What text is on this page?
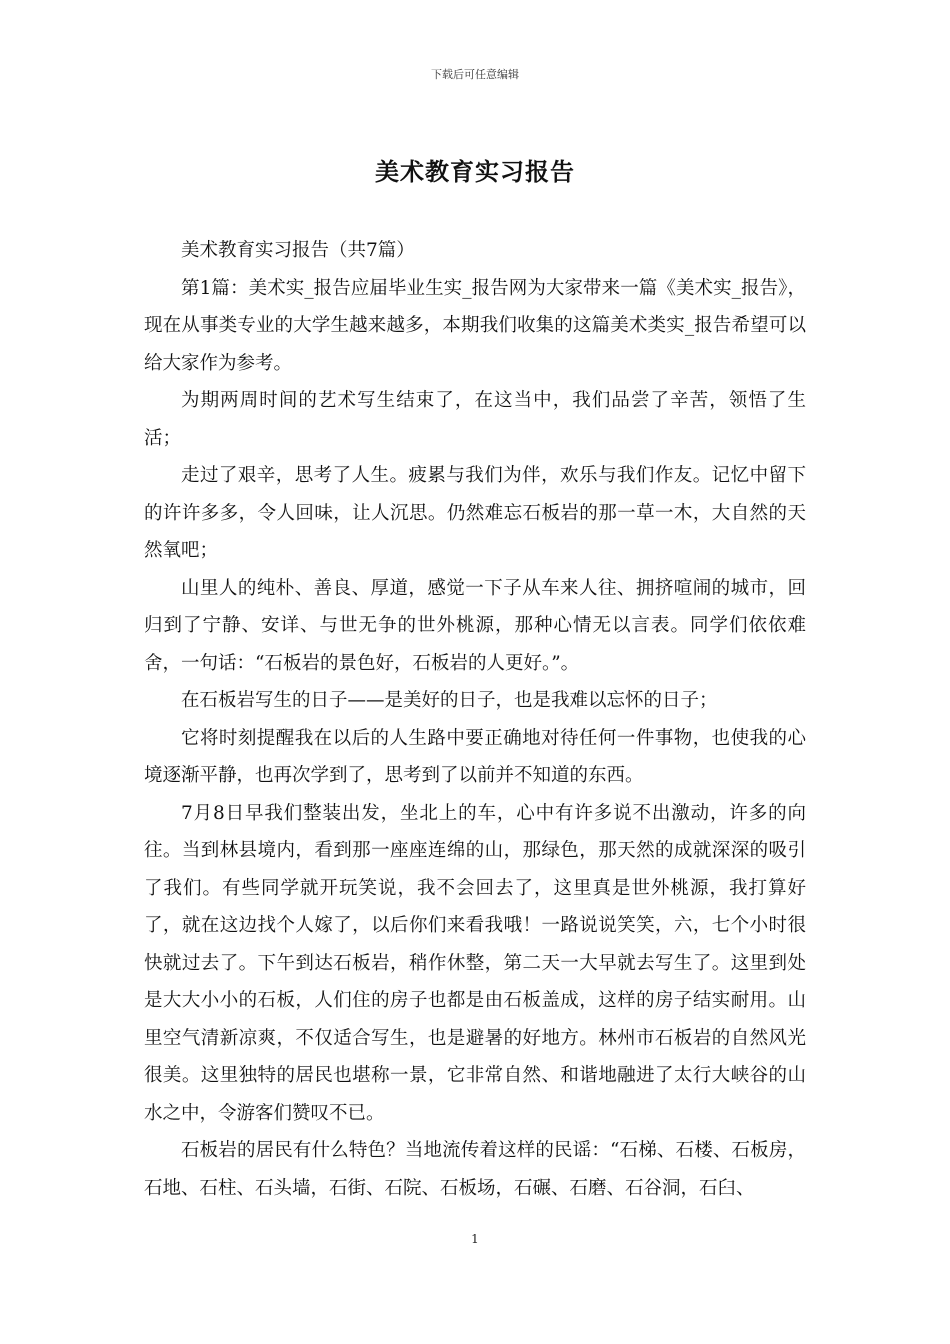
下载后可任意编辑
美术教育实习报告

美术教育实习报告（共7篇）

第1篇：美术实_报告应届毕业生实_报告网为大家带来一篇《美术实_报告》，现在从事类专业的大学生越来越多，本期我们收集的这篇美术类实_报告希望可以给大家作为参考。

为期两周时间的艺术写生结束了，在这当中，我们品尝了辛苦，领悟了生活；

走过了艰辛，思考了人生。疲累与我们为伴，欢乐与我们作友。记忆中留下的许许多多，令人回味，让人沉思。仍然难忘石板岩的那一草一木，大自然的天然氧吧；

山里人的纯朴、善良、厚道，感觉一下子从车来人往、拥挤喧闹的城市，回归到了宁静、安详、与世无争的世外桃源，那种心情无以言表。同学们依依难舍，一句话：“石板岩的景色好，石板岩的人更好。”。

在石板岩写生的日子——是美好的日子，也是我难以忘怀的日子；

它将时刻提醒我在以后的人生路中要正确地对待任何一件事物，也使我的心境逐渐平静，也再次学到了，思考到了以前并不知道的东西。

7月8日早我们整装出发，坐北上的车，心中有许多说不出激动，许多的向往。当到林县境内，看到那一座座连绵的山，那绿色，那天然的成就深深的吸引了我们。有些同学就开玩笑说，我不会回去了，这里真是世外桃源，我打算好了，就在这边找个人嫁了，以后你们来看我哦！一路说说笑笑，六，七个小时很快就过去了。下午到达石板岩，稍作休整，第二天一大早就去写生了。这里到处是大大小小的石板，人们住的房子也都是由石板盖成，这样的房子结实耐用。山里空气清新凉爽，不仅适合写生，也是避暑的好地方。林州市石板岩的自然风光很美。这里独特的居民也堪称一景，它非常自然、和谐地融进了太行大峡谷的山水之中，令游客们赞叹不已。

石板岩的居民有什么特色？当地流传着这样的民谣：“石梯、石楼、石板房，石地、石柱、石头墙，石街、石院、石板场，石碾、石磨、石谷洞，石臼、

1
